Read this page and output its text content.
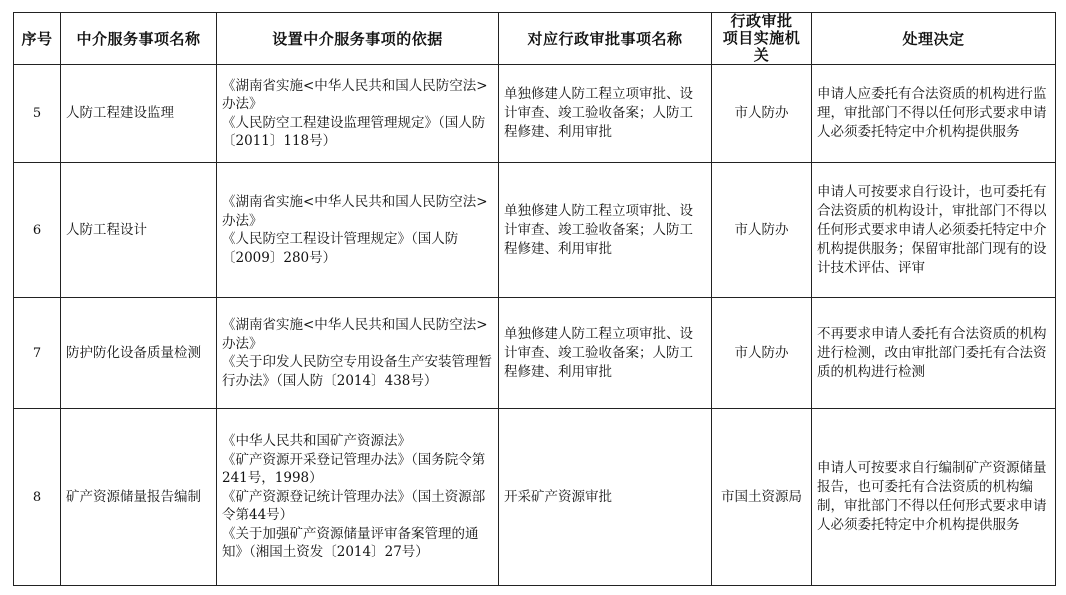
序号	中介服务事项名称	设置中介服务事项的依据	对应行政审批事项名称	行政审批
项目实施机关	处理决定
5	人防工程建设监理	《湖南省实施<中华人民共和国人民防空法>办法》
《人民防空工程建设监理管理规定》（国人防〔2011〕118号）	单独修建人防工程立项审批、设计审查、竣工验收备案；人防工程修建、利用审批	市人防办	申请人应委托有合法资质的机构进行监理，审批部门不得以任何形式要求申请人必须委托特定中介机构提供服务
6	人防工程设计	《湖南省实施<中华人民共和国人民防空法>办法》
《人民防空工程设计管理规定》（国人防〔2009〕280号）	单独修建人防工程立项审批、设计审查、竣工验收备案；人防工程修建、利用审批	市人防办	申请人可按要求自行设计，也可委托有合法资质的机构设计，审批部门不得以任何形式要求申请人必须委托特定中介机构提供服务；保留审批部门现有的设计技术评估、评审
7	防护防化设备质量检测	《湖南省实施<中华人民共和国人民防空法>办法》
《关于印发人民防空专用设备生产安装管理暂行办法》（国人防〔2014〕438号）	单独修建人防工程立项审批、设计审查、竣工验收备案；人防工程修建、利用审批	市人防办	不再要求申请人委托有合法资质的机构进行检测，改由审批部门委托有合法资质的机构进行检测
8	矿产资源储量报告编制	《中华人民共和国矿产资源法》
《矿产资源开采登记管理办法》（国务院令第241号，1998）
《矿产资源登记统计管理办法》（国土资源部令第44号）
《关于加强矿产资源储量评审备案管理的通知》（湘国土资发〔2014〕27号）	开采矿产资源审批	市国土资源局	申请人可按要求自行编制矿产资源储量报告，也可委托有合法资质的机构编制，审批部门不得以任何形式要求申请人必须委托特定中介机构提供服务
